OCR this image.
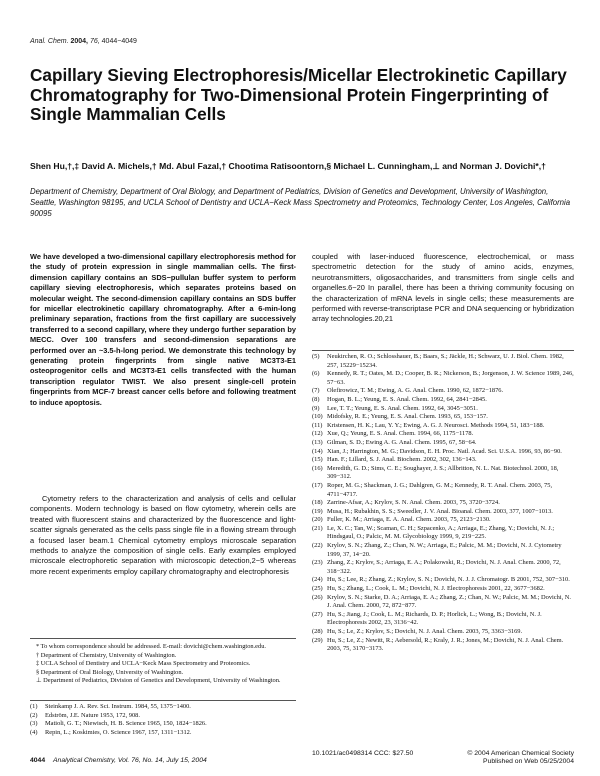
Anal. Chem. 2004, 76, 4044−4049
Capillary Sieving Electrophoresis/Micellar Electrokinetic Capillary Chromatography for Two-Dimensional Protein Fingerprinting of Single Mammalian Cells
Shen Hu,†,‡ David A. Michels,† Md. Abul Fazal,† Chootima Ratisoontorn,§ Michael L. Cunningham,⊥ and Norman J. Dovichi*,†
Department of Chemistry, Department of Oral Biology, and Department of Pediatrics, Division of Genetics and Development, University of Washington, Seattle, Washington 98195, and UCLA School of Dentistry and UCLA−Keck Mass Spectrometry and Proteomics, Technology Center, Los Angeles, California 90095
We have developed a two-dimensional capillary electrophoresis method for the study of protein expression in single mammalian cells. The first-dimension capillary contains an SDS−pullulan buffer system to perform capillary sieving electrophoresis, which separates proteins based on molecular weight. The second-dimension capillary contains an SDS buffer for micellar electrokinetic capillary chromatography. After a 6-min-long preliminary separation, fractions from the first capillary are successively transferred to a second capillary, where they undergo further separation by MECC. Over 100 transfers and second-dimension separations are performed over an ~3.5-h-long period. We demonstrate this technology by generating protein fingerprints from single native MC3T3-E1 osteoprogenitor cells and MC3T3-E1 cells transfected with the human transcription regulator TWIST. We also present single-cell protein fingerprints from MCF-7 breast cancer cells before and following treatment to induce apoptosis.
Cytometry refers to the characterization and analysis of cells and cellular components. Modern technology is based on flow cytometry, wherein cells are treated with fluorescent stains and characterized by the fluorescence and light-scatter signals generated as the cells pass single file in a flowing stream through a focused laser beam.1 Chemical cytometry employs microscale separation methods to analyze the composition of single cells. Early examples employed microscale electrophoretic separation with microscopic detection,2−5 whereas more recent experiments employ capillary chromatography and electrophoresis
coupled with laser-induced fluorescence, electrochemical, or mass spectrometric detection for the study of amino acids, enzymes, neurotransmitters, oligosaccharides, and transmitters from single cells and organelles.6−20 In parallel, there has been a thriving community focusing on the characterization of mRNA levels in single cells; these measurements are performed with reverse-transcriptase PCR and DNA sequencing or hybridization array technologies.20,21

* To whom correspondence should be addressed. E-mail: dovichi@chem.washington.edu.

† Department of Chemistry, University of Washington.

‡ UCLA School of Dentistry and UCLA−Keck Mass Spectrometry and Proteomics.

§ Department of Oral Biology, University of Washington.

⊥ Department of Pediatrics, Division of Genetics and Development, University of Washington.

(1)	Steinkamp J. A. Rev. Sci. Instrum. 1984, 55, 1375−1400.
(2)	Edström, J.E. Nature 1953, 172, 908.
(3)	Matioli, G. T.; Niewisch, H. B. Science 1965, 150, 1824−1826.
(4)	Repin, L.; Koskimies, O. Science 1967, 157, 1311−1312.
(5)	Neukirchen, R. O.; Schlosshauer, B.; Baars, S.; Jäckle, H.; Schwarz, U. J. Biol. Chem. 1982, 257, 15229−15234.
(6)	Kennedy, R. T.; Oates, M. D.; Cooper, B. R.; Nickerson, B.; Jorgenson, J. W. Science 1989, 246, 57−63.
(7)	Olefirowicz, T. M.; Ewing, A. G. Anal. Chem. 1990, 62, 1872−1876.
(8)	Hogan, B. L.; Yeung, E. S. Anal. Chem. 1992, 64, 2841−2845.
(9)	Lee, T. T.; Yeung, E. S. Anal. Chem. 1992, 64, 3045−3051.
(10) Midofsky, R. E.; Yeung, E. S. Anal. Chem. 1993, 65, 153−157.
(11) Kristensen, H. K.; Lau, Y. Y.; Ewing, A. G. J. Neurosci. Methods 1994, 51, 183−188.
(12) Xue, Q.; Yeung, E. S. Anal. Chem. 1994, 66, 1175−1178.
(13) Gilman, S. D.; Ewing A. G. Anal. Chem. 1995, 67, 58−64.
(14) Xian, J.; Harrington, M. G.; Davidson, E. H. Proc. Natl. Acad. Sci. U.S.A. 1996, 93, 86−90.
(15) Han. F.; Lillard, S. J. Anal. Biochem. 2002, 302, 136−143.
(16) Meredith, G. D.; Sims, C. E.; Soughayer, J. S.; Allbritton, N. L. Nat. Biotechnol. 2000, 18, 309−312.
(17) Roper, M. G.; Shackman, J. G.; Dahlgren, G. M.; Kennedy, R. T. Anal. Chem. 2003, 75, 4711−4717.
(18) Zarrine-Afsar, A.; Krylov, S. N. Anal. Chem. 2003, 75, 3720−3724.
(19) Musa, H.; Rubakhin, S. S.; Sweedler, J. V. Anal. Bioanal. Chem. 2003, 377, 1007−1013.
(20) Fuller, K. M.; Arriaga, E. A. Anal. Chem. 2003, 75, 2123−2130.
(21) Le, X. C.; Tan, W.; Scaman, C. H.; Szpacenko, A.; Arriaga, E.; Zhang, Y.; Dovichi, N. J.; Hindsgaul, O.; Palcic, M. M. Glycobiology 1999, 9, 219−225.
(22) Krylov, S. N.; Zhang, Z.; Chan, N. W.; Arriaga, E.; Palcic, M. M.; Dovichi, N. J. Cytometry 1999, 37, 14−20.
(23) Zhang, Z.; Krylov, S.; Arriaga, E. A.; Polakowski, R.; Dovichi, N. J. Anal. Chem. 2000, 72, 318−322.
(24) Hu, S.; Lee, R.; Zhang, Z.; Krylov, S. N.; Dovichi, N. J. J. Chromatogr. B 2001, 752, 307−310.
(25) Hu, S.; Zhang, L.; Cook, L. M.; Dovichi, N. J. Electrophoresis 2001, 22, 3677−3682.
(26) Krylov, S. N.; Starke, D. A.; Arriaga, E. A.; Zhang, Z.; Chan, N. W.; Palcic, M. M.; Dovichi, N. J. Anal. Chem. 2000, 72, 872−877.
(27) Hu, S.; Jiang, J.; Cook, L. M.; Richards, D. P.; Horlick, L.; Wong, B.; Dovichi, N. J. Electrophoresis 2002, 23, 3136−42.
(28) Hu, S.; Le, Z.; Krylov, S.; Dovichi, N. J. Anal. Chem. 2003, 75, 3363−3169.
(29) Hu, S.; Le, Z.; Newitt, R.; Aebersold, R.; Kraly, J. R.; Jones, M.; Dovichi, N. J. Anal. Chem. 2003, 75, 3170−3173.
4044 Analytical Chemistry, Vol. 76, No. 14, July 15, 2004
10.1021/ac0498314 CCC: $27.50	© 2004 American Chemical Society
Published on Web 05/25/2004
